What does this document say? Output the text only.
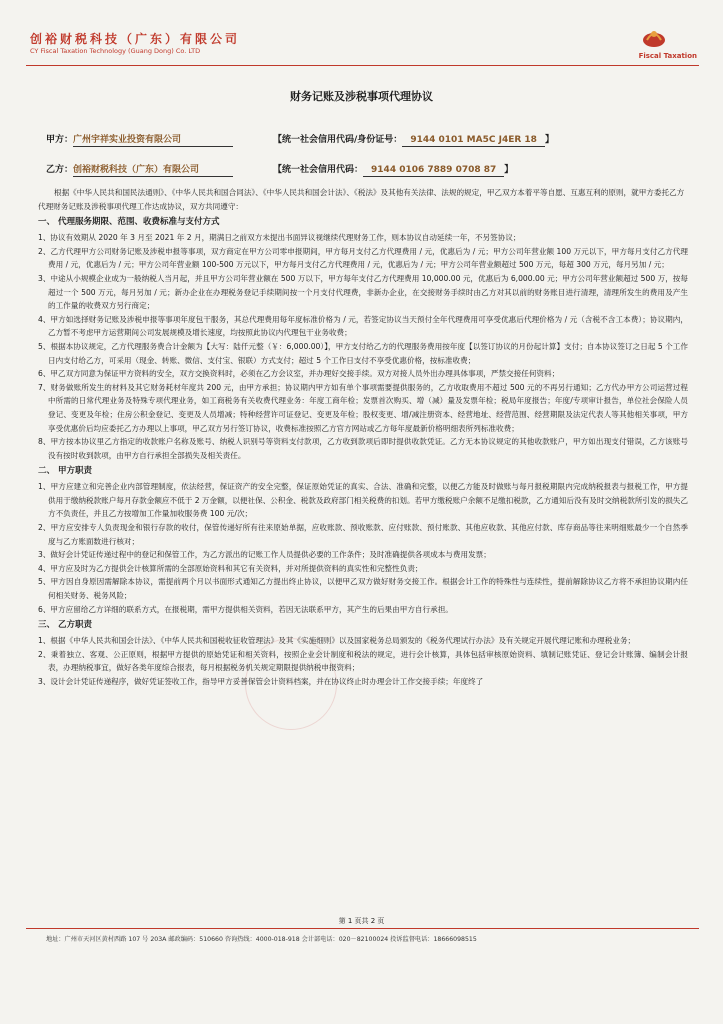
创裕财税科技（广东）有限公司
CY Fiscal Taxation Technology (Guang Dong) Co. LTD
Fiscal Taxation
财务记账及涉税事项代理协议
甲方：广州宇祥实业投资有限公司	【统一社会信用代码/身份证号： 9144 0101 MA5C J4ER 18 】
乙方：创裕财税科技（广东）有限公司	【统一社会信用代码： 9144 0106 7889 0708 87 】

根据《中华人民共和国民法通则》、《中华人民共和国合同法》、《中华人民共和国会计法》、《税法》及其他有关法律、法规的规定，甲乙双方本着平等自愿、互惠互利的原则，就甲方委托乙方代理财务记账及涉税事项代理工作达成协议，双方共同遵守：

一、 代理服务期限、范围、收费标准与支付方式

1、协议有效期从 2020 年 3 月至 2021 年 2 月，期满日之前双方未提出书面异议视继续代理财务工作，则本协议自动延续一年，不另签协议；

2、乙方代理甲方公司财务记账及涉税申报等事项，双方商定在甲方公司零申报期间，甲方每月支付乙方代理费用 / 元，优惠后为 / 元；甲方公司年营业额 100 万元以下，甲方每月支付乙方代理费用 / 元，优惠后为 / 元；甲方公司年营业额 100-500 万元以下，甲方每月支付乙方代理费用 / 元，优惠后为 / 元；甲方公司年营业额超过 500 万元，每超 300 万元，每月另加 / 元；

3、中途从小规模企业成为一般纳税人当月起，并且甲方公司年营业额在 500 万以下，甲方每年支付乙方代理费用 10,000.00 元，优惠后为 6,000.00 元；甲方公司年营业额超过 500 万，按每超过一个 500 万元，每月另加 / 元；新办企业在办理税务登记手续期间按一个月支付代理费，非新办企业，在交接财务手续时由乙方对其以前的财务账目进行清理，清理所发生的费用及产生的工作量的收费双方另行商定；

4、甲方如选择财务记账及涉税申报等事项年度包干服务，其总代理费用每年度标准价格为 / 元，若签定协议当天预付全年代理费用可享受优惠后代理价格为 / 元（含税不含工本费）；协议期内，乙方暂不考虑甲方运营期间公司发展规模及增长速度，均按照此协议内代理包干业务收费；

5、根据本协议规定，乙方代理服务费合计金额为【大写：陆仟元整（￥：6,000.00）】，甲方支付给乙方的代理服务费用按年度【以签订协议的月份起计算】支付；自本协议签订之日起 5 个工作日内支付给乙方，可采用（现金、转账、微信、支付宝、银联）方式支付；超过 5 个工作日支付不享受优惠价格，按标准收费；

6、甲乙双方同意为保证甲方资料的安全，双方交换资料时，必须在乙方会议室，并办理好交接手续。双方对接人员外出办理具体事项，严禁交接任何资料；

7、财务做账所发生的材料及其它财务耗材年度共 200 元，由甲方承担；协议期内甲方如有单个事项需要提供服务的，乙方收取费用不超过 500 元的不再另行通知；乙方代办甲方公司运营过程中所需的日常代理业务及特殊专项代理业务，如工商税务有关收费代理业务：年度工商年检；发票首次购买、增（减）量及发票年检；税局年度报告；年度/专项审计报告，单位社会保险人员登记、变更及年检；住房公积金登记、变更及人员增减；特种经营许可证登记、变更及年检；股权变更、增/减注册资本、经营地址、经营范围、经营期限及法定代表人等其他相关事项，甲方享受优惠价后均应委托乙方办理以上事项，甲乙双方另行签订协议，收费标准按照乙方官方网站或乙方每年度最新价格明细表所列标准收费；

8、甲方按本协议里乙方指定的收款账户名称及账号、纳税人识别号等资料支付款项，乙方收到款项后即时提供收款凭证。乙方无本协议规定的其他收款账户，甲方如出现支付错误，乙方该账号没有按时收到款项，由甲方自行承担全部损失及相关责任。

二、 甲方职责

1、甲方应建立和完善企业内部管理制度，依法经营，保证资产的安全完整，保证原始凭证的真实、合法、准确和完整，以便乙方能及时做账与每月报税期限内完成纳税报表与报税工作，甲方提供用于缴纳税款账户每月存款金额应不低于 2 万金额，以便社保、公积金、税款及政府部门相关税费的扣划。若甲方缴税账户余额不足缴扣税款，乙方通知后没有及时交纳税款所引发的损失乙方不负责任，并且乙方按增加工作量加收服务费 100 元/次；

2、甲方应安排专人负责现金和银行存款的收付，保管传递好所有往来原始单据，应收账款、预收账款、应付账款、预付账款、其他应收款、其他应付款、库存商品等往来明细账最少一个自然季度与乙方账面数进行核对；

3、做好会计凭证传递过程中的登记和保管工作，为乙方派出的记账工作人员提供必要的工作条件；及时准确提供各项成本与费用发票；

4、甲方应及时为乙方提供会计核算所需的全部原始资料和其它有关资料，并对所提供资料的真实性和完整性负责；

5、甲方因自身原因需解除本协议，需提前两个月以书面形式通知乙方提出终止协议，以便甲乙双方做好财务交接工作。根据会计工作的特殊性与连续性，提前解除协议乙方将不承担协议期内任何相关财务、税务风险；

6、甲方应留给乙方详细的联系方式，在报税期，需甲方提供相关资料，若因无法联系甲方，其产生的后果由甲方自行承担。

三、 乙方职责

1、根据《中华人民共和国会计法》、《中华人民共和国税收征收管理法》及其《实施细则》以及国家税务总局颁发的《税务代理试行办法》及有关规定开展代理记账和办理税业务；

2、秉着独立、客观、公正原则，根据甲方提供的原始凭证和相关资料，按照企业会计制度和税法的规定，进行会计核算，具体包括审核原始资料、填制记账凭证、登记会计账簿、编制会计报表，办理纳税事宜，做好各类年度综合报表，每月根据税务机关规定期限提供纳税申报资料；

3、设计会计凭证传递程序，做好凭证签收工作，指导甲方妥善保管会计资料档案，并在协议终止时办理会计工作交接手续；年度终了

第 1 页共 2 页
地址：广州市天河区黄村西路 107 号 203A 邮政编码：510660 咨询热线：4000-018-918 会计部电话：020－82100024 投诉监督电话：18666098515
